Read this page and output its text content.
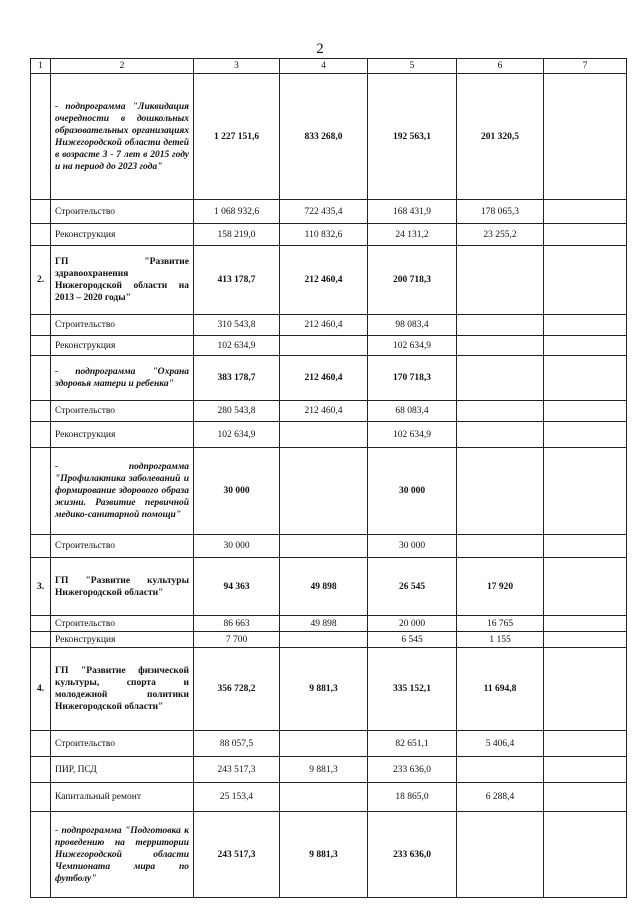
2
1	2	3	4	5	6	7
	- подпрограмма "Ликвидация очередности в дошкольных образовательных организациях Нижегородской области детей в возрасте 3 - 7 лет в 2015 году и на период до 2023 года"	1 227 151,6	833 268,0	192 563,1	201 320,5	
	Строительство	1 068 932,6	722 435,4	168 431,9	178 065,3	
	Реконструкция	158 219,0	110 832,6	24 131,2	23 255,2	
2.	ГП "Развитие здравоохранения Нижегородской области на 2013 – 2020 годы"	413 178,7	212 460,4	200 718,3		
	Строительство	310 543,8	212 460,4	98 083,4		
	Реконструкция	102 634,9		102 634,9		
	- подпрограмма "Охрана здоровья матери и ребенка"	383 178,7	212 460,4	170 718,3		
	Строительство	280 543,8	212 460,4	68 083,4		
	Реконструкция	102 634,9		102 634,9		
	- подпрограмма "Профилактика заболеваний и формирование здорового образа жизни. Развитие первичной медико-санитарной помощи"	30 000		30 000		
	Строительство	30 000		30 000		
3.	ГП "Развитие культуры Нижегородской области"	94 363	49 898	26 545	17 920	
	Строительство	86 663	49 898	20 000	16 765	
	Реконструкция	7 700		6 545	1 155	
4.	ГП "Развитие физической культуры, спорта и молодежной политики Нижегородской области"	356 728,2	9 881,3	335 152,1	11 694,8	
	Строительство	88 057,5		82 651,1	5 406,4	
	ПИР, ПСД	243 517,3	9 881,3	233 636,0		
	Капитальный ремонт	25 153,4		18 865,0	6 288,4	
	- подпрограмма "Подготовка к проведению на территории Нижегородской области Чемпионата мира по футболу"	243 517,3	9 881,3	233 636,0		
